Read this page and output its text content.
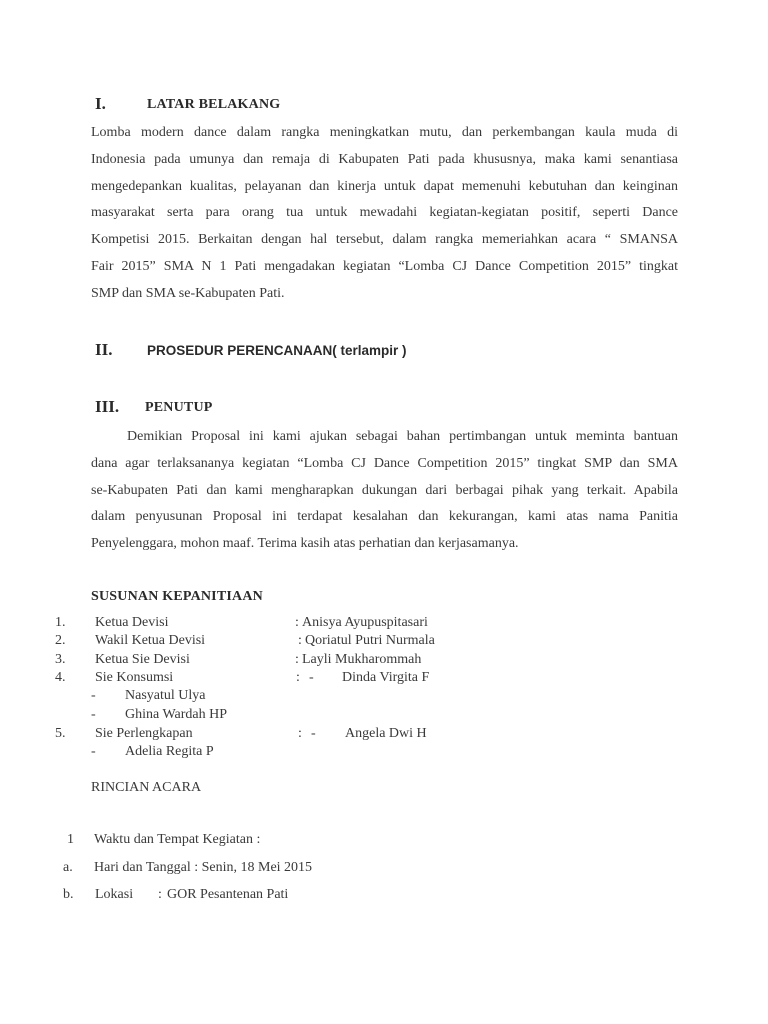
I.	LATAR BELAKANG
Lomba modern dance dalam rangka meningkatkan mutu, dan perkembangan kaula muda di
Indonesia pada umunya dan remaja di Kabupaten Pati pada khususnya, maka kami senantiasa
mengedepankan kualitas, pelayanan dan kinerja untuk dapat memenuhi kebutuhan dan keinginan
masyarakat serta para orang tua untuk mewadahi kegiatan-kegiatan positif, seperti Dance
Kompetisi 2015. Berkaitan dengan hal tersebut, dalam rangka memeriahkan acara “ SMANSA
Fair 2015” SMA N 1 Pati mengadakan kegiatan “Lomba CJ Dance Competition 2015” tingkat
SMP dan SMA se-Kabupaten Pati.
II.	PROSEDUR PERENCANAAN( terlampir )
III. PENUTUP
Demikian Proposal ini kami ajukan sebagai bahan pertimbangan untuk meminta bantuan
dana agar terlaksananya kegiatan “Lomba CJ Dance Competition 2015” tingkat SMP dan SMA
se-Kabupaten Pati dan kami mengharapkan dukungan dari berbagai pihak yang terkait. Apabila
dalam penyusunan Proposal ini terdapat kesalahan dan kekurangan, kami atas nama Panitia
Penyelenggara, mohon maaf. Terima kasih atas perhatian dan kerjasamanya.
SUSUNAN KEPANITIAAN
1. Ketua Devisi	: Anisya Ayupuspitasari
2. Wakil Ketua Devisi	: Qoriatul Putri Nurmala
3. Ketua Sie Devisi	: Layli Mukharommah
4. Sie Konsumsi	: - Dinda Virgita F
- Nasyatul Ulya
- Ghina Wardah HP
5. Sie Perlengkapan	: - Angela Dwi H
- Adelia Regita P
RINCIAN ACARA
1 Waktu dan Tempat Kegiatan :
a. Hari dan Tanggal : Senin, 18 Mei 2015
b. Lokasi : GOR Pesantenan Pati
